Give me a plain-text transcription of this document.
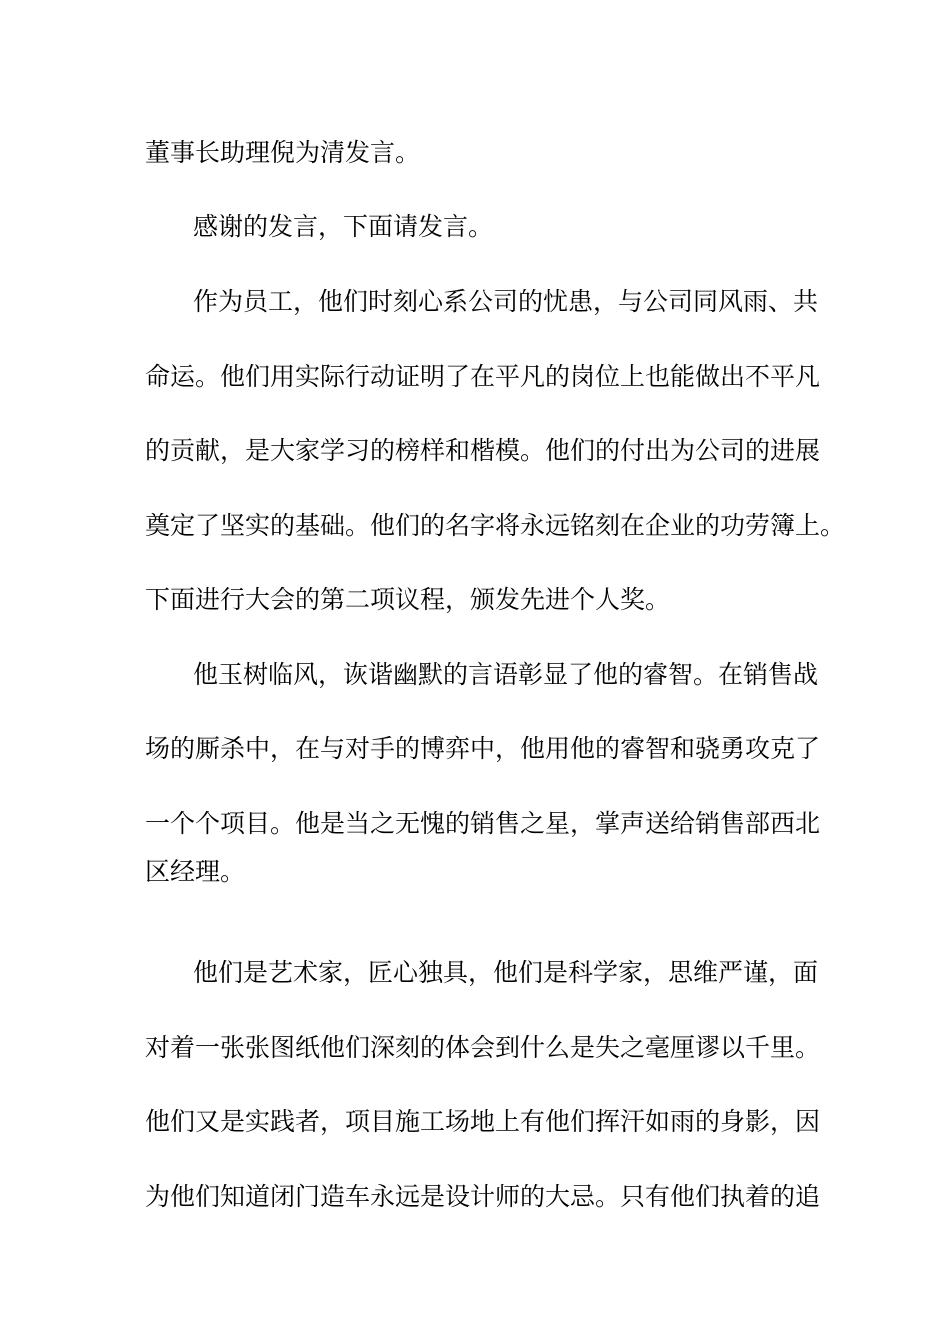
董事长助理倪为清发言。
感谢的发言，下面请发言。
作为员工，他们时刻心系公司的忧患，与公司同风雨、共
命运。他们用实际行动证明了在平凡的岗位上也能做出不平凡
的贡献，是大家学习的榜样和楷模。他们的付出为公司的进展
奠定了坚实的基础。他们的名字将永远铭刻在企业的功劳簿上。
下面进行大会的第二项议程，颁发先进个人奖。
他玉树临风，诙谐幽默的言语彰显了他的睿智。在销售战
场的厮杀中，在与对手的博弈中，他用他的睿智和骁勇攻克了
一个个项目。他是当之无愧的销售之星，掌声送给销售部西北
区经理。
他们是艺术家，匠心独具，他们是科学家，思维严谨，面
对着一张张图纸他们深刻的体会到什么是失之毫厘谬以千里。
他们又是实践者，项目施工场地上有他们挥汗如雨的身影，因
为他们知道闭门造车永远是设计师的大忌。只有他们执着的追
